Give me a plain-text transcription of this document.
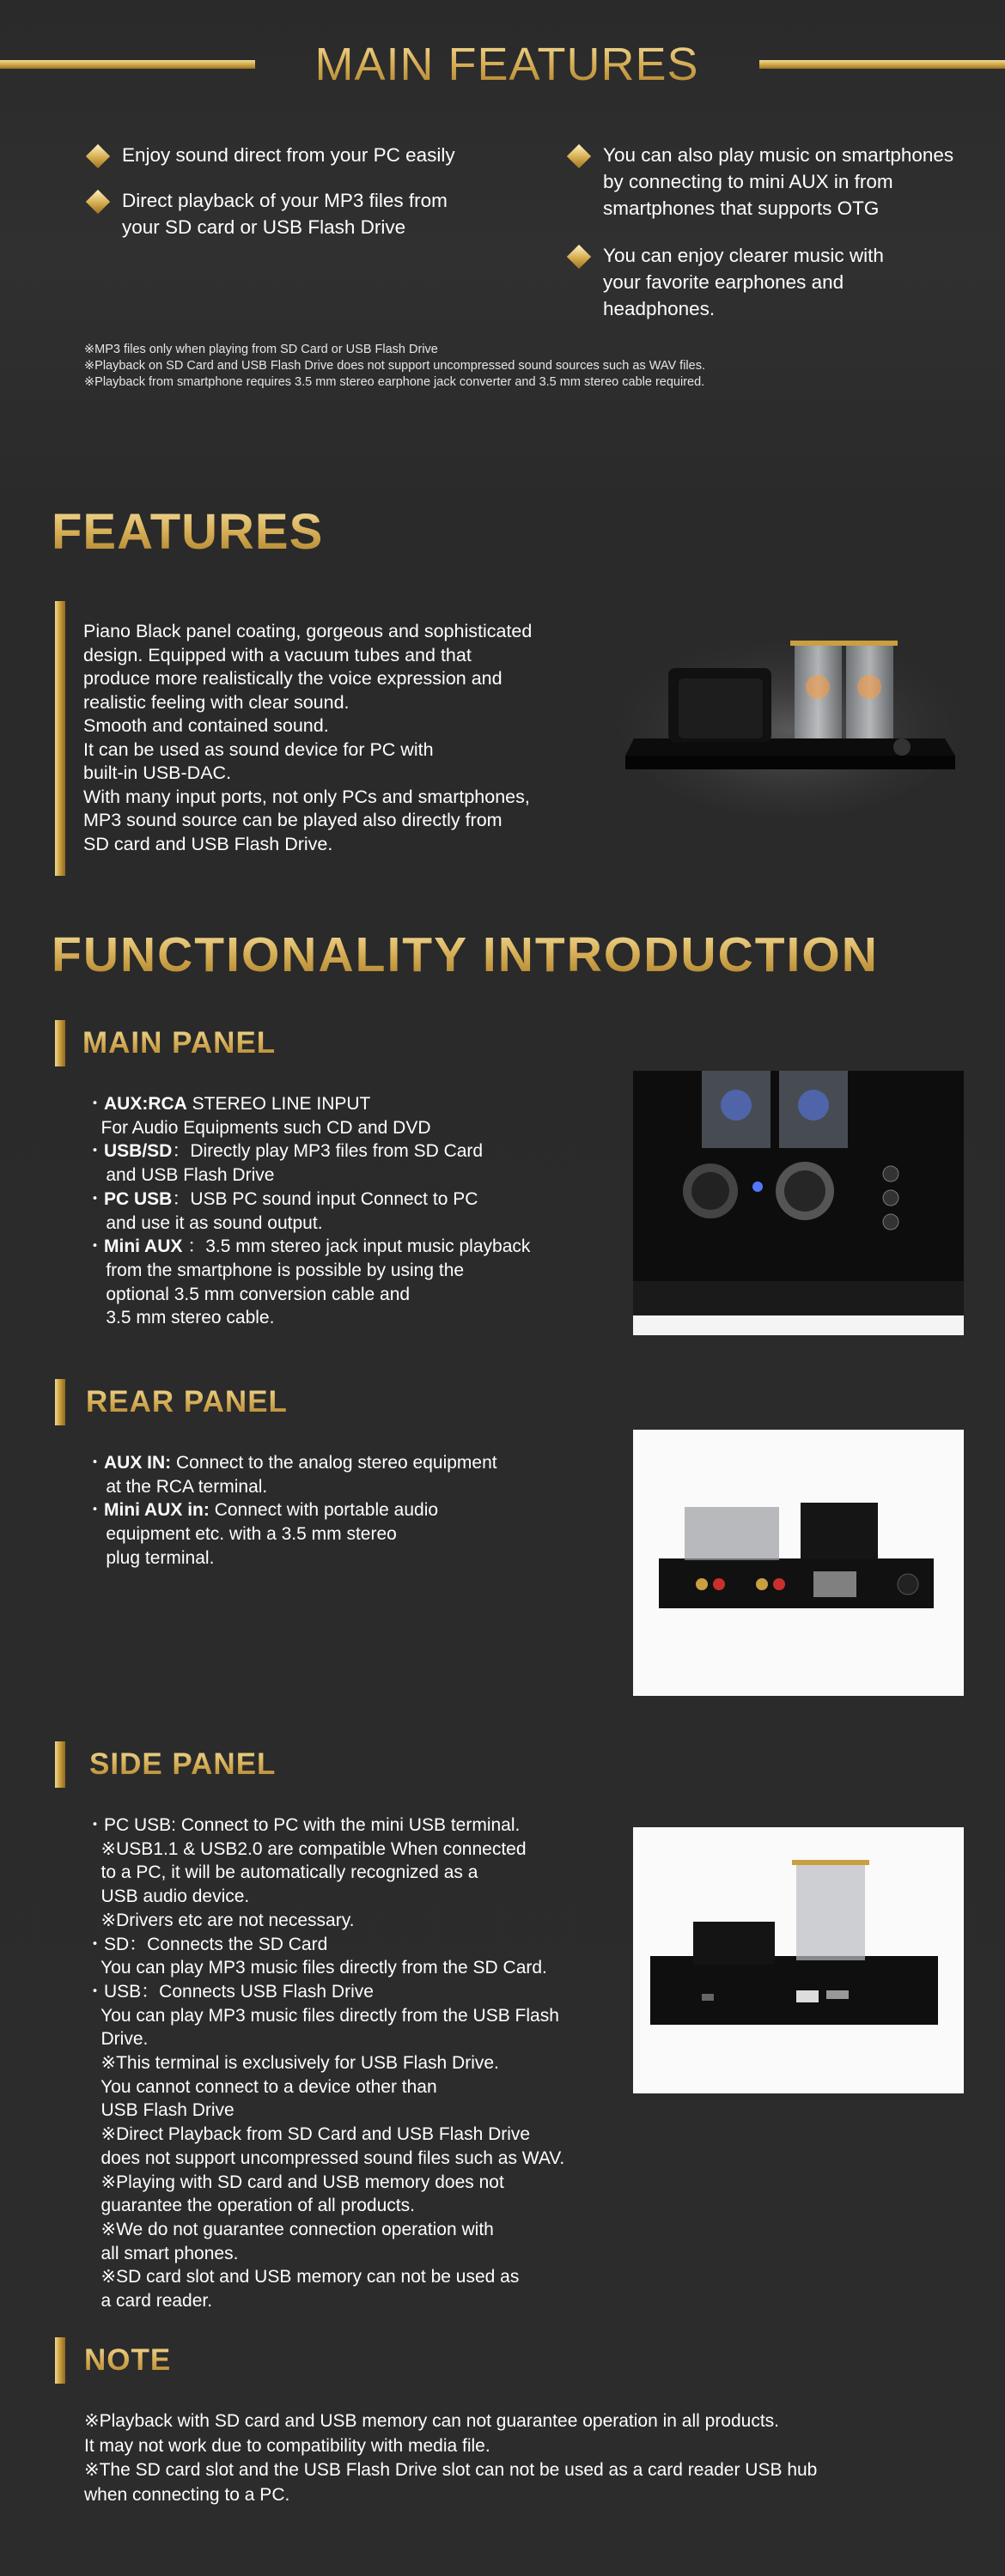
MAIN FEATURES
Enjoy sound direct from your PC easily
Direct playback of your MP3 files from
your SD card or USB Flash Drive
You can also play music on smartphones
by connecting to mini AUX in from
smartphones that supports OTG
You can enjoy clearer music with
your favorite earphones and
headphones.
※MP3 files only when playing from SD Card or USB Flash Drive
※Playback on SD Card and USB Flash Drive does not support uncompressed sound sources such as WAV files.
※Playback from smartphone requires 3.5 mm stereo earphone jack converter and 3.5 mm stereo cable required.
FEATURES
Piano Black panel coating, gorgeous and sophisticated
design. Equipped with a vacuum tubes and that
produce more realistically the voice expression and
realistic feeling with clear sound.
Smooth and contained sound.
It can be used as sound device for PC with
built-in USB-DAC.
With many input ports, not only PCs and smartphones,
MP3 sound source can be played also directly from
SD card and USB Flash Drive.
FUNCTIONALITY INTRODUCTION
MAIN PANEL
・AUX:RCA STEREO LINE INPUT
For Audio Equipments such CD and DVD
・USB/SD：Directly play MP3 files from SD Card
and USB Flash Drive
・PC USB：USB PC sound input Connect to PC
and use it as sound output.
・Mini AUX ：3.5 mm stereo jack input music playback
from the smartphone is possible by using the
optional 3.5 mm conversion cable and
3.5 mm stereo cable.
REAR PANEL
・AUX IN: Connect to the analog stereo equipment
at the RCA terminal.
・Mini AUX in: Connect with portable audio
equipment etc. with a 3.5 mm stereo
plug terminal.
SIDE PANEL
・PC USB: Connect to PC with the mini USB terminal.
※USB1.1 & USB2.0 are compatible When connected
to a PC, it will be automatically recognized as a
USB audio device.
※Drivers etc are not necessary.
・SD：Connects the SD Card
You can play MP3 music files directly from the SD Card.
・USB：Connects USB Flash Drive
You can play MP3 music files directly from the USB Flash
Drive.
※This terminal is exclusively for USB Flash Drive.
You cannot connect to a device other than
USB Flash Drive
※Direct Playback from SD Card and USB Flash Drive
does not support uncompressed sound files such as WAV.
※Playing with SD card and USB memory does not
guarantee the operation of all products.
※We do not guarantee connection operation with
all smart phones.
※SD card slot and USB memory can not be used as
a card reader.
NOTE
※Playback with SD card and USB memory can not guarantee operation in all products.
It may not work due to compatibility with media file.
※The SD card slot and the USB Flash Drive slot can not be used as a card reader USB hub
when connecting to a PC.
